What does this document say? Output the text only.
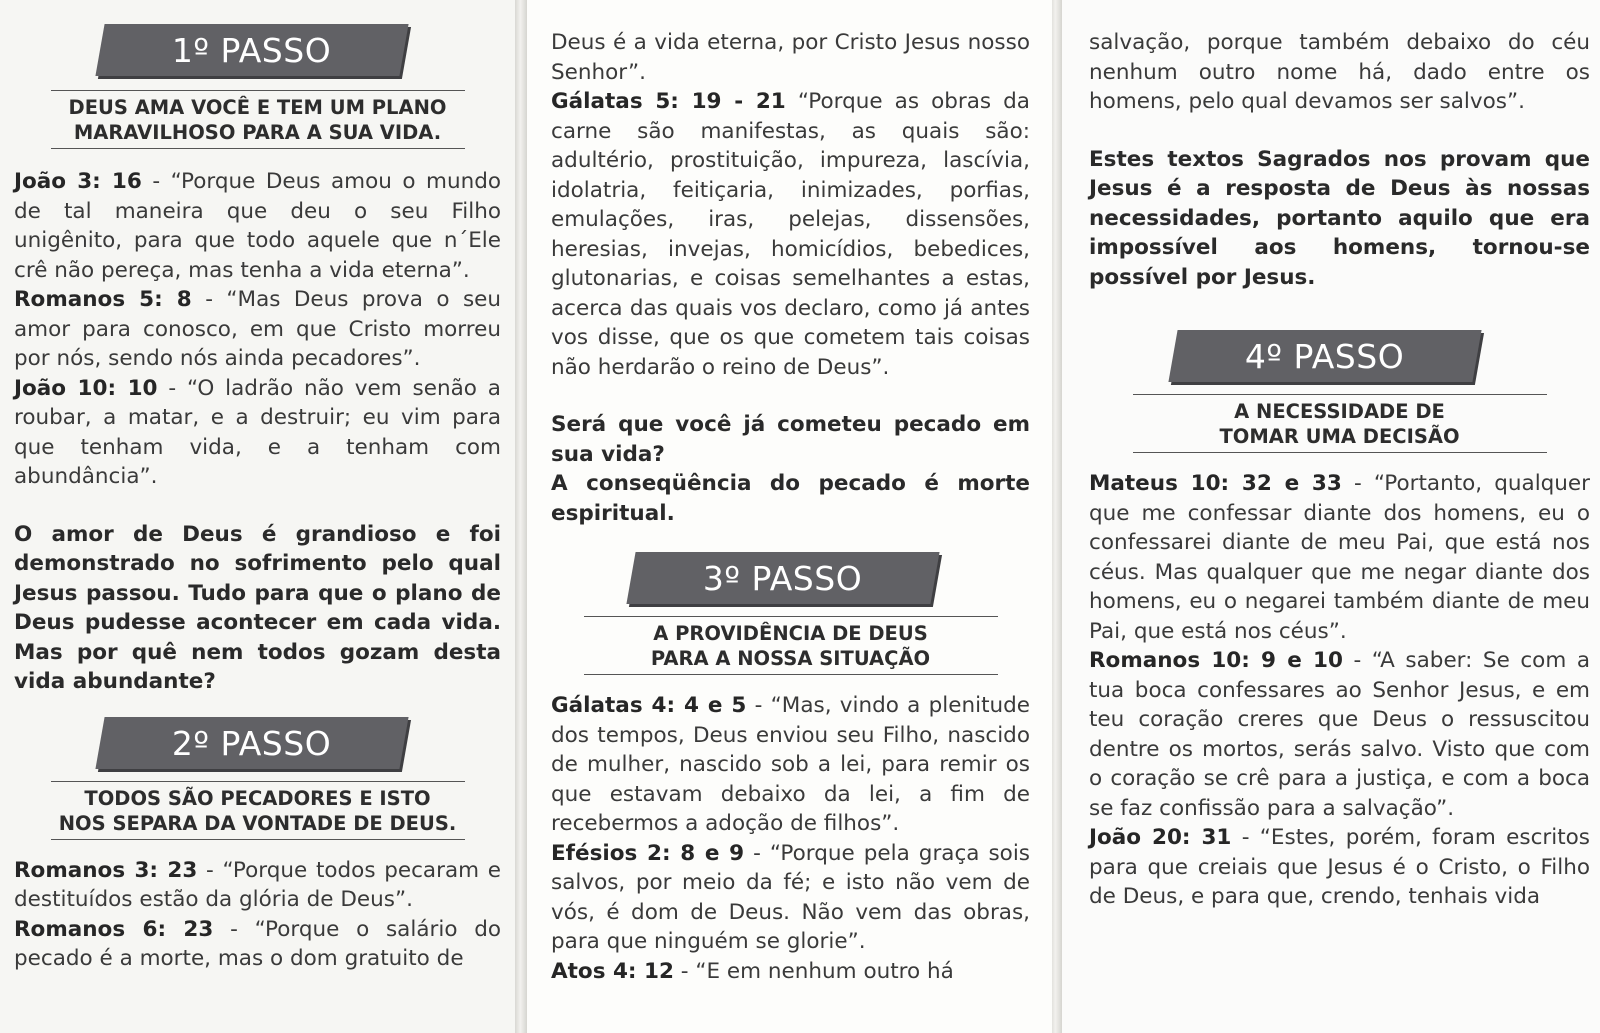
1º PASSO
DEUS AMA VOCÊ E TEM UM PLANO
MARAVILHOSO PARA A SUA VIDA.

João 3: 16 - “Porque Deus amou o mundo de tal maneira que deu o seu Filho unigênito, para que todo aquele que n´Ele crê não pereça, mas tenha a vida eterna”.

Romanos 5: 8 - “Mas Deus prova o seu amor para conosco, em que Cristo morreu por nós, sendo nós ainda pecadores”.

João 10: 10 - “O ladrão não vem senão a roubar, a matar, e a destruir; eu vim para que tenham vida, e a tenham com abundância”.

O amor de Deus é grandioso e foi demonstrado no sofrimento pelo qual Jesus passou. Tudo para que o plano de Deus pudesse acontecer em cada vida. Mas por quê nem todos gozam desta vida abundante?

2º PASSO
TODOS SÃO PECADORES E ISTO
NOS SEPARA DA VONTADE DE DEUS.

Romanos 3: 23 - “Porque todos pecaram e destituídos estão da glória de Deus”.

Romanos 6: 23 - “Porque o salário do pecado é a morte, mas o dom gratuito de

Deus é a vida eterna, por Cristo Jesus nosso Senhor”.

Gálatas 5: 19 - 21 “Porque as obras da carne são manifestas, as quais são: adultério, prostituição, impureza, lascívia, idolatria, feitiçaria, inimizades, porfias, emulações, iras, pelejas, dissensões, heresias, invejas, homicídios, bebedices, glutonarias, e coisas semelhantes a estas, acerca das quais vos declaro, como já antes vos disse, que os que cometem tais coisas não herdarão o reino de Deus”.

Será que você já cometeu pecado em sua vida?

A conseqüência do pecado é morte espiritual.

3º PASSO
A PROVIDÊNCIA DE DEUS
PARA A NOSSA SITUAÇÃO

Gálatas 4: 4 e 5 - “Mas, vindo a plenitude dos tempos, Deus enviou seu Filho, nascido de mulher, nascido sob a lei, para remir os que estavam debaixo da lei, a fim de recebermos a adoção de filhos”.

Efésios 2: 8 e 9 - “Porque pela graça sois salvos, por meio da fé; e isto não vem de vós, é dom de Deus. Não vem das obras, para que ninguém se glorie”.

Atos 4: 12 - “E em nenhum outro há

salvação, porque também debaixo do céu nenhum outro nome há, dado entre os homens, pelo qual devamos ser salvos”.

Estes textos Sagrados nos provam que Jesus é a resposta de Deus às nossas necessidades, portanto aquilo que era impossível aos homens, tornou-se possível por Jesus.

4º PASSO
A NECESSIDADE DE
TOMAR UMA DECISÃO

Mateus 10: 32 e 33 - “Portanto, qualquer que me confessar diante dos homens, eu o confessarei diante de meu Pai, que está nos céus. Mas qualquer que me negar diante dos homens, eu o negarei também diante de meu Pai, que está nos céus”.

Romanos 10: 9 e 10 - “A saber: Se com a tua boca confessares ao Senhor Jesus, e em teu coração creres que Deus o ressuscitou dentre os mortos, serás salvo. Visto que com o coração se crê para a justiça, e com a boca se faz confissão para a salvação”.

João 20: 31 - “Estes, porém, foram escritos para que creiais que Jesus é o Cristo, o Filho de Deus, e para que, crendo, tenhais vida
